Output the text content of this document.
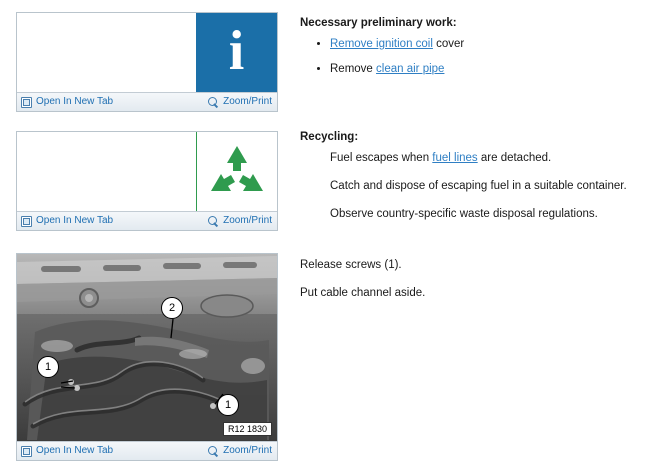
i
Open In New Tab	Zoom/Print
Open In New Tab	Zoom/Print
2
1
1
R12 1830
Open In New Tab	Zoom/Print

Necessary preliminary work:

• Remove ignition coil cover
• Remove clean air pipe

Recycling:

Fuel escapes when fuel lines are detached.

Catch and dispose of escaping fuel in a suitable container.

Observe country-specific waste disposal regulations.

Release screws (1).

Put cable channel aside.
